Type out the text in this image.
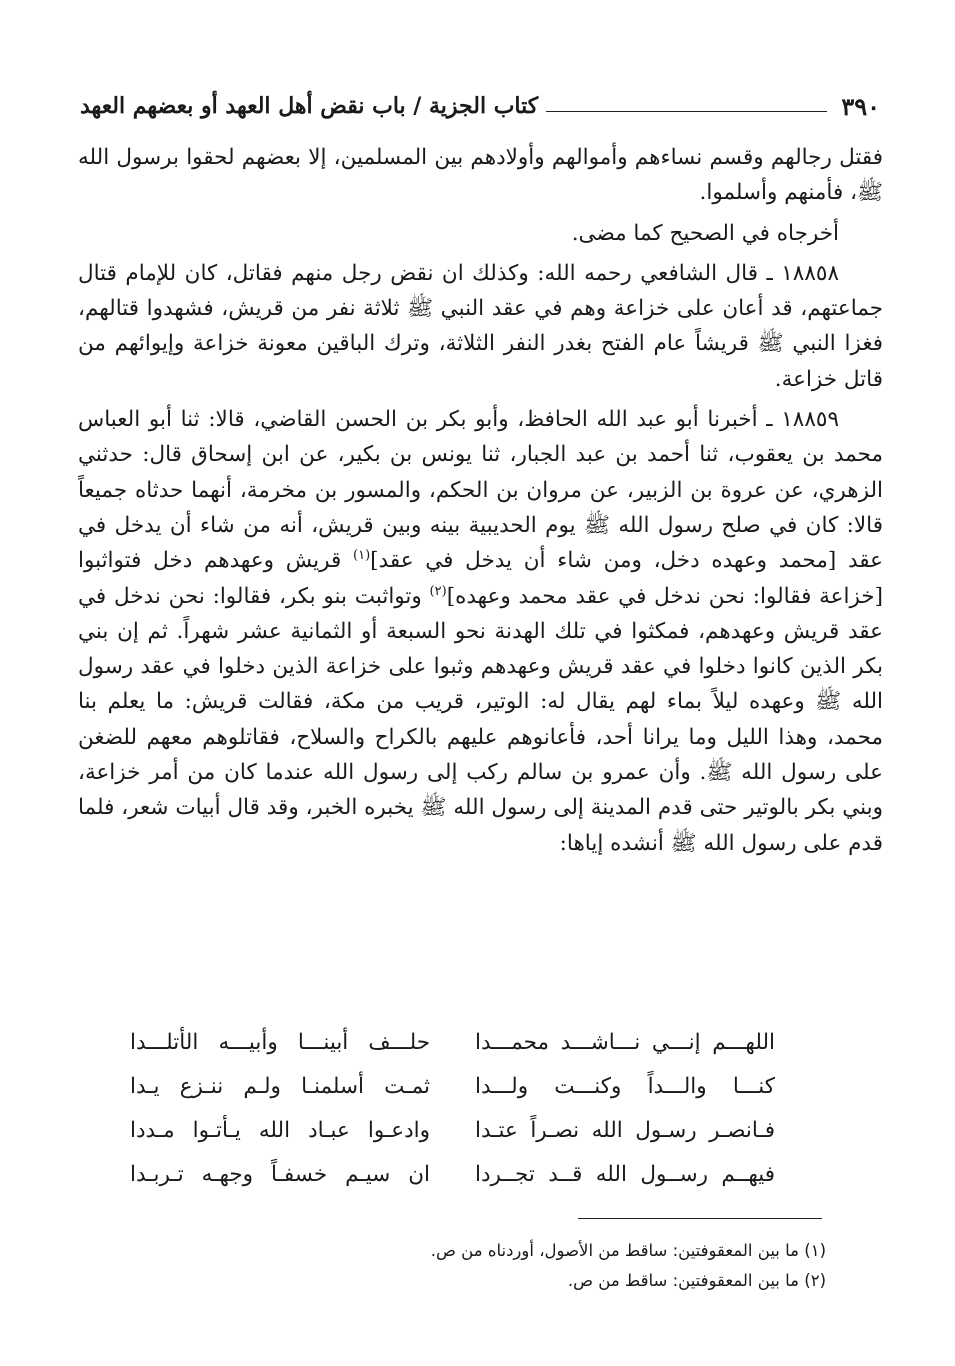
٣٩٠
كتاب الجزية / باب نقض أهل العهد أو بعضهم العهد

فقتل رجالهم وقسم نساءهم وأموالهم وأولادهم بين المسلمين، إلا بعضهم لحقوا برسول الله ﷺ، فأمنهم وأسلموا.

أخرجاه في الصحيح كما مضى.

١٨٨٥٨ ـ قال الشافعي رحمه الله: وكذلك ان نقض رجل منهم فقاتل، كان للإمام قتال جماعتهم، قد أعان على خزاعة وهم في عقد النبي ﷺ ثلاثة نفر من قريش، فشهدوا قتالهم، فغزا النبي ﷺ قريشاً عام الفتح بغدر النفر الثلاثة، وترك الباقين معونة خزاعة وإيوائهم من قاتل خزاعة.

١٨٨٥٩ ـ أخبرنا أبو عبد الله الحافظ، وأبو بكر بن الحسن القاضي، قالا: ثنا أبو العباس محمد بن يعقوب، ثنا أحمد بن عبد الجبار، ثنا يونس بن بكير، عن ابن إسحاق قال: حدثني الزهري، عن عروة بن الزبير، عن مروان بن الحكم، والمسور بن مخرمة، أنهما حدثاه جميعاً قالا: كان في صلح رسول الله ﷺ يوم الحديبية بينه وبين قريش، أنه من شاء أن يدخل في عقد [محمد وعهده دخل، ومن شاء أن يدخل في عقد]$^{(١)}$ قريش وعهدهم دخل فتواثبوا [خزاعة فقالوا: نحن ندخل في عقد محمد وعهده]$^{(٢)}$ وتواثبت بنو بكر، فقالوا: نحن ندخل في عقد قريش وعهدهم، فمكثوا في تلك الهدنة نحو السبعة أو الثمانية عشر شهراً. ثم إن بني بكر الذين كانوا دخلوا في عقد قريش وعهدهم وثبوا على خزاعة الذين دخلوا في عقد رسول الله ﷺ وعهده ليلاً بماء لهم يقال له: الوتير، قريب من مكة، فقالت قريش: ما يعلم بنا محمد، وهذا الليل وما يرانا أحد، فأعانوهم عليهم بالكراح والسلاح، فقاتلوهم معهم للضغن على رسول الله ﷺ. وأن عمرو بن سالم ركب إلى رسول الله عندما كان من أمر خزاعة، وبني بكر بالوتير حتى قدم المدينة إلى رسول الله ﷺ يخبره الخبر، وقد قال أبيات شعر، فلما قدم على رسول الله ﷺ أنشده إياها:

اللهـــم إنـــي نـــاشـــد محمـــدا
حلـــف أبينـــا وأبيـــه الأتلـــدا
كنـــا والـــداً وكنـــت ولـــدا
ثمـت أسلمنـا ولـم ننـزع يـدا
فـانصـر رسـول الله نصـراً عتـدا
وادعـوا عبـاد الله يـأتـوا مـددا
فيهــم رســول الله قــد تجــردا
ان سيـم خسفـاً وجهـه تـربـدا
(١) ما بين المعقوفتين: ساقط من الأصول، أوردناه من ص.
(٢) ما بين المعقوفتين: ساقط من ص.
